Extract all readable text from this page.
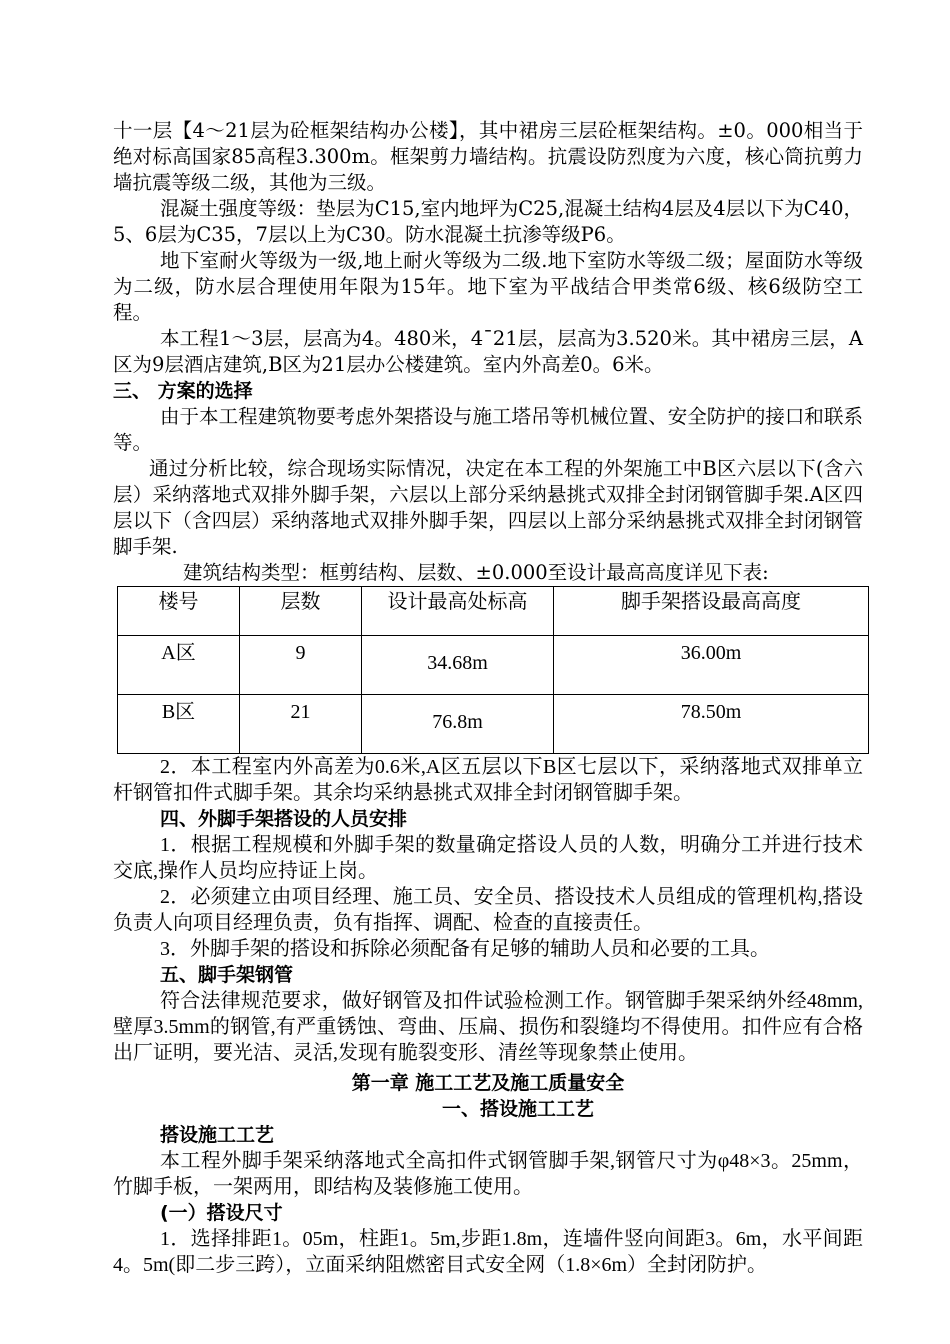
十一层【4～21层为砼框架结构办公楼】，其中裙房三层砼框架结构。±0。000相当于绝对标高国家85高程3.300m。框架剪力墙结构。抗震设防烈度为六度，核心筒抗剪力墙抗震等级二级，其他为三级。

混凝土强度等级：垫层为C15,室内地坪为C25,混凝土结构4层及4层以下为C40，5、6层为C35，7层以上为C30。防水混凝土抗渗等级P6。

地下室耐火等级为一级,地上耐火等级为二级.地下室防水等级二级；屋面防水等级为二级，防水层合理使用年限为15年。地下室为平战结合甲类常6级、核6级防空工程。

本工程1～3层，层高为4。480米，4¯21层，层高为3.520米。其中裙房三层，A区为9层酒店建筑,B区为21层办公楼建筑。室内外高差0。6米。

三、 方案的选择

由于本工程建筑物要考虑外架搭设与施工塔吊等机械位置、安全防护的接口和联系等。

通过分析比较，综合现场实际情况，决定在本工程的外架施工中B区六层以下(含六层）采纳落地式双排外脚手架，六层以上部分采纳悬挑式双排全封闭钢管脚手架.A区四层以下（含四层）采纳落地式双排外脚手架，四层以上部分采纳悬挑式双排全封闭钢管脚手架.

建筑结构类型：框剪结构、层数、±0.000至设计最高高度详见下表:

楼号	层数	设计最高处标高	脚手架搭设最高高度
A区	9	34.68m	36.00m
B区	21	76.8m	78.50m

2．本工程室内外高差为0.6米,A区五层以下B区七层以下，采纳落地式双排单立杆钢管扣件式脚手架。其余均采纳悬挑式双排全封闭钢管脚手架。

四、外脚手架搭设的人员安排

1．根据工程规模和外脚手架的数量确定搭设人员的人数，明确分工并进行技术交底,操作人员均应持证上岗。

2．必须建立由项目经理、施工员、安全员、搭设技术人员组成的管理机构,搭设负责人向项目经理负责，负有指挥、调配、检查的直接责任。

3．外脚手架的搭设和拆除必须配备有足够的辅助人员和必要的工具。

五、脚手架钢管

符合法律规范要求，做好钢管及扣件试验检测工作。钢管脚手架采纳外经48mm,壁厚3.5mm的钢管,有严重锈蚀、弯曲、压扁、损伤和裂缝均不得使用。扣件应有合格出厂证明，要光洁、灵活,发现有脆裂变形、清丝等现象禁止使用。

第一章 施工工艺及施工质量安全

一、搭设施工工艺

搭设施工工艺

本工程外脚手架采纳落地式全高扣件式钢管脚手架,钢管尺寸为φ48×3。25mm，竹脚手板，一架两用，即结构及装修施工使用。

(一）搭设尺寸

1．选择排距1。05m，柱距1。5m,步距1.8m，连墙件竖向间距3。6m，水平间距4。5m(即二步三跨），立面采纳阻燃密目式安全网（1.8×6m）全封闭防护。
